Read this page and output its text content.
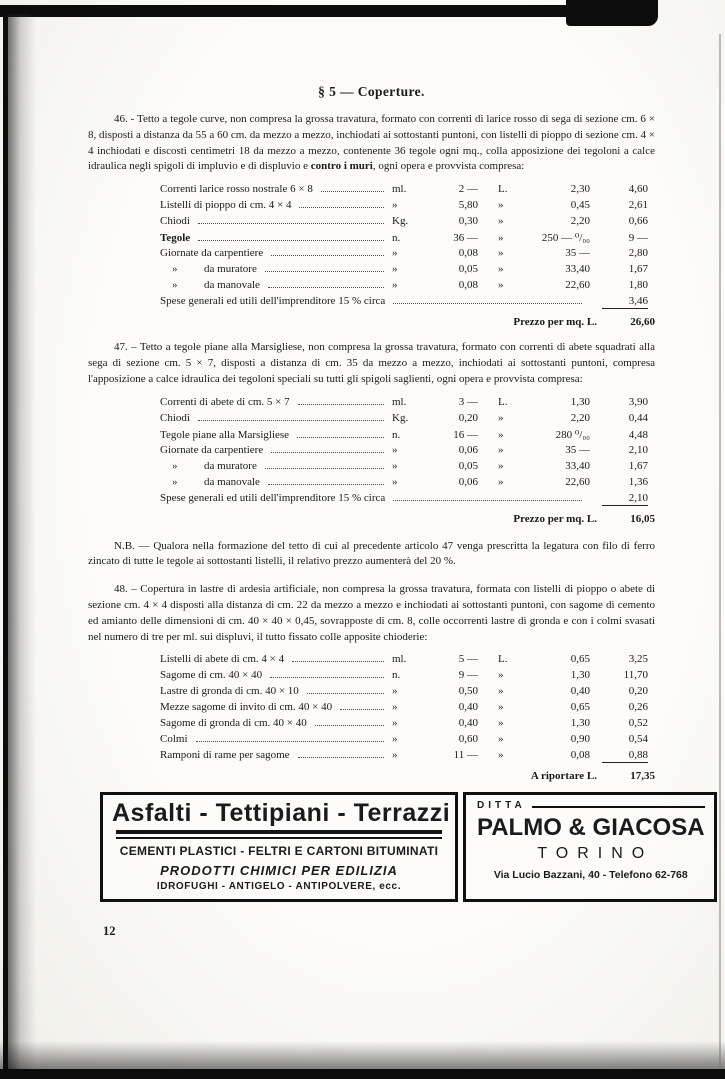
§ 5 — Coperture.

46. - Tetto a tegole curve, non compresa la grossa travatura, formato con correnti di larice rosso di sega di sezione cm. 6 × 8, disposti a distanza da 55 a 60 cm. da mezzo a mezzo, inchiodati ai sottostanti puntoni, con listelli di pioppo di sezione cm. 4 × 4 inchiodati e discosti centimetri 18 da mezzo a mezzo, contenente 36 tegole ogni mq., colla apposizione dei tegoloni a calce idraulica negli spigoli di impluvio e di displuvio e contro i muri, ogni opera e provvista compresa:

Correnti larice rosso nostrale 6 × 8	ml.	2 — L.	2,30	4,60
Listelli di pioppo di cm. 4 × 4	»	5,80 »	0,45	2,61
Chiodi	Kg.	0,30 »	2,20	0,66
Tegole	n.	36 — »	250 — ⁰/₀₀	9 —
Giornate da carpentiere	»	0,08 »	35 —	2,80
»	da muratore	»	0,05 »	33,40	1,67
»	da manovale	»	0,08 »	22,60	1,80
Spese generali ed utili dell'imprenditore 15 % circa	3,46
Prezzo per mq. L.	26,60

47. – Tetto a tegole piane alla Marsigliese, non compresa la grossa travatura, formato con correnti di abete squadrati alla sega di sezione cm. 5 × 7, disposti a distanza di cm. 35 da mezzo a mezzo, inchiodati ai sottostanti puntoni, compresa l'apposizione a calce idraulica dei tegoloni speciali su tutti gli spigoli saglienti, ogni opera e provvista compresa:

Correnti di abete di cm. 5 × 7	ml.	3 — L.	1,30	3,90
Chiodi	Kg.	0,20 »	2,20	0,44
Tegole piane alla Marsigliese	n.	16 — »	280 ⁰/₀₀	4,48
Giornate da carpentiere	»	0,06 »	35 —	2,10
»	da muratore	»	0,05 »	33,40	1,67
»	da manovale	»	0,06 »	22,60	1,36
Spese generali ed utili dell'imprenditore 15 % circa	2,10
Prezzo per mq. L.	16,05

N.B. — Qualora nella formazione del tetto di cui al precedente articolo 47 venga prescritta la legatura con filo di ferro zincato di tutte le tegole ai sottostanti listelli, il relativo prezzo aumenterà del 20 %.

48. – Copertura in lastre di ardesia artificiale, non compresa la grossa travatura, formata con listelli di pioppo o abete di sezione cm. 4 × 4 disposti alla distanza di cm. 22 da mezzo a mezzo e inchiodati ai sottostanti puntoni, con sagome di cemento ed amianto delle dimensioni di cm. 40 × 40 × 0,45, sovrapposte di cm. 8, colle occorrenti lastre di gronda e con i colmi svasati nel numero di tre per ml. sui displuvi, il tutto fissato colle apposite chioderie:

Listelli di abete di cm. 4 × 4	ml.	5 — L.	0,65	3,25
Sagome di cm. 40 × 40	n.	9 — »	1,30	11,70
Lastre di gronda di cm. 40 × 10	»	0,50 »	0,40	0,20
Mezze sagome di invito di cm. 40 × 40	»	0,40 »	0,65	0,26
Sagome di gronda di cm. 40 × 40	»	0,40 »	1,30	0,52
Colmi	»	0,60 »	0,90	0,54
Ramponi di rame per sagome	»	11 — »	0,08	0,88
A riportare L.	17,35
Asfalti - Tettipiani - Terrazzi
CEMENTI PLASTICI - FELTRI E CARTONI BITUMINATI
PRODOTTI CHIMICI PER EDILIZIA
IDROFUGHI - ANTIGELO - ANTIPOLVERE, ecc.
DITTA
PALMO & GIACOSA
TORINO
Via Lucio Bazzani, 40 - Telefono 62-768
12
